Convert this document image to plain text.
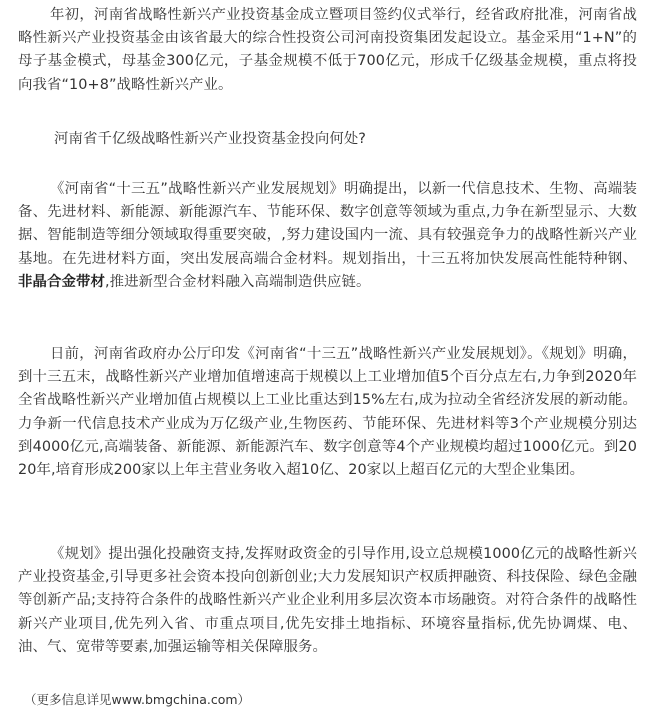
年初，河南省战略性新兴产业投资基金成立暨项目签约仪式举行，经省政府批准，河南省战略性新兴产业投资基金由该省最大的综合性投资公司河南投资集团发起设立。基金采用“1+N”的母子基金模式，母基金300亿元，子基金规模不低于700亿元，形成千亿级基金规模，重点将投向我省“10+8”战略性新兴产业。

河南省千亿级战略性新兴产业投资基金投向何处?

《河南省“十三五”战略性新兴产业发展规划》明确提出，以新一代信息技术、生物、高端装备、先进材料、新能源、新能源汽车、节能环保、数字创意等领域为重点,力争在新型显示、大数据、智能制造等细分领域取得重要突破，,努力建设国内一流、具有较强竞争力的战略性新兴产业基地。在先进材料方面，突出发展高端合金材料。规划指出，十三五将加快发展高性能特种钢、非晶合金带材,推进新型合金材料融入高端制造供应链。

日前，河南省政府办公厅印发《河南省“十三五”战略性新兴产业发展规划》。《规划》明确，到十三五末，战略性新兴产业增加值增速高于规模以上工业增加值5个百分点左右,力争到2020年全省战略性新兴产业增加值占规模以上工业比重达到15%左右,成为拉动全省经济发展的新动能。力争新一代信息技术产业成为万亿级产业,生物医药、节能环保、先进材料等3个产业规模分别达到4000亿元,高端装备、新能源、新能源汽车、数字创意等4个产业规模均超过1000亿元。到2020年,培育形成200家以上年主营业务收入超10亿、20家以上超百亿元的大型企业集团。

《规划》提出强化投融资支持,发挥财政资金的引导作用,设立总规模1000亿元的战略性新兴产业投资基金,引导更多社会资本投向创新创业;大力发展知识产权质押融资、科技保险、绿色金融等创新产品;支持符合条件的战略性新兴产业企业利用多层次资本市场融资。对符合条件的战略性新兴产业项目,优先列入省、市重点项目,优先安排土地指标、环境容量指标,优先协调煤、电、油、气、宽带等要素,加强运输等相关保障服务。

（更多信息详见www.bmgchina.com）
